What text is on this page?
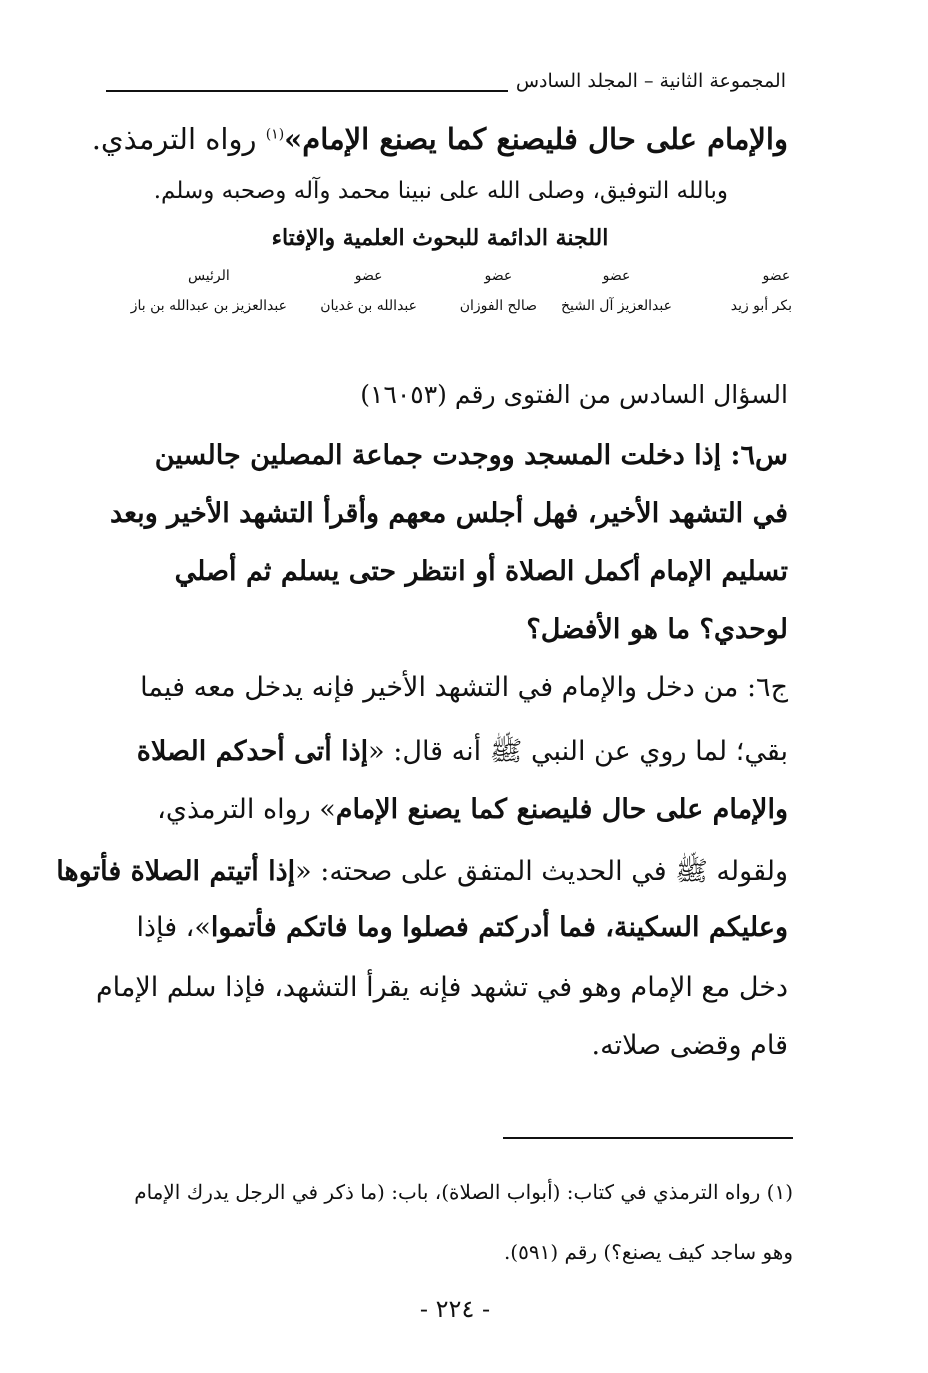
المجموعة الثانية – المجلد السادس
والإمام على حال فليصنع كما يصنع الإمام»$^{(١)}$ رواه الترمذي.
وبالله التوفيق، وصلى الله على نبينا محمد وآله وصحبه وسلم.
اللجنة الدائمة للبحوث العلمية والإفتاء
عضو
بكر أبو زيد
عضو
عبدالعزيز آل الشيخ
عضو
صالح الفوزان
عضو
عبدالله بن غديان
الرئيس
عبدالعزيز بن عبدالله بن باز
السؤال السادس من الفتوى رقم (١٦٠٥٣)
س٦: إذا دخلت المسجد ووجدت جماعة المصلين جالسين
في التشهد الأخير، فهل أجلس معهم وأقرأ التشهد الأخير وبعد
تسليم الإمام أكمل الصلاة أو انتظر حتى يسلم ثم أصلي
لوحدي؟ ما هو الأفضل؟
ج٦: من دخل والإمام في التشهد الأخير فإنه يدخل معه فيما
بقي؛ لما روي عن النبي ﷺ أنه قال: «إذا أتى أحدكم الصلاة
والإمام على حال فليصنع كما يصنع الإمام» رواه الترمذي،
ولقوله ﷺ في الحديث المتفق على صحته: «إذا أتيتم الصلاة فأتوها
وعليكم السكينة، فما أدركتم فصلوا وما فاتكم فأتموا»، فإذا
دخل مع الإمام وهو في تشهد فإنه يقرأ التشهد، فإذا سلم الإمام
قام وقضى صلاته.
(١) رواه الترمذي في كتاب: (أبواب الصلاة)، باب: (ما ذكر في الرجل يدرك الإمام
وهو ساجد كيف يصنع؟) رقم (٥٩١).
- ٢٢٤ -
